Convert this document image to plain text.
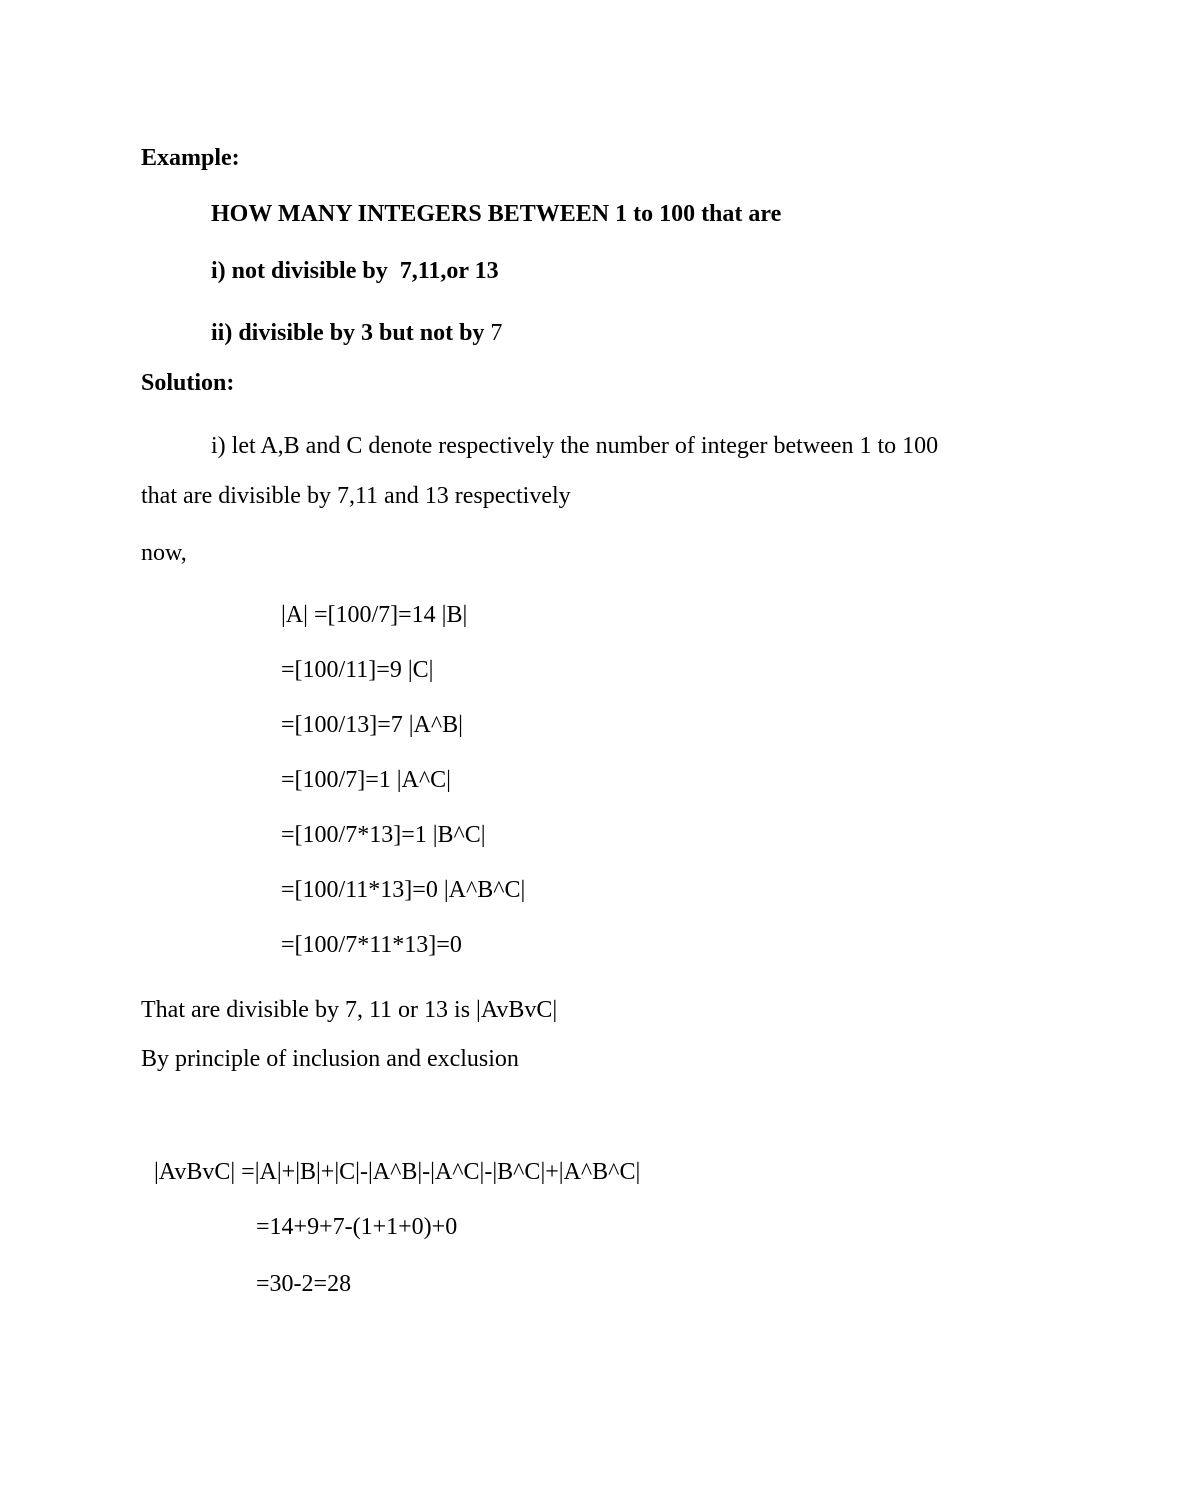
Example:
HOW MANY INTEGERS BETWEEN 1 to 100 that are
i) not divisible by  7,11,or 13
ii) divisible by 3 but not by 7
Solution:
i) let A,B and C denote respectively the number of integer between 1 to 100
that are divisible by 7,11 and 13 respectively
now,
|A| =[100/7]=14 |B|
=[100/11]=9 |C|
=[100/13]=7 |A^B|
=[100/7]=1 |A^C|
=[100/7*13]=1 |B^C|
=[100/11*13]=0 |A^B^C|
=[100/7*11*13]=0
That are divisible by 7, 11 or 13 is |AvBvC|
By principle of inclusion and exclusion
|AvBvC| =|A|+|B|+|C|-|A^B|-|A^C|-|B^C|+|A^B^C|
=14+9+7-(1+1+0)+0
=30-2=28
